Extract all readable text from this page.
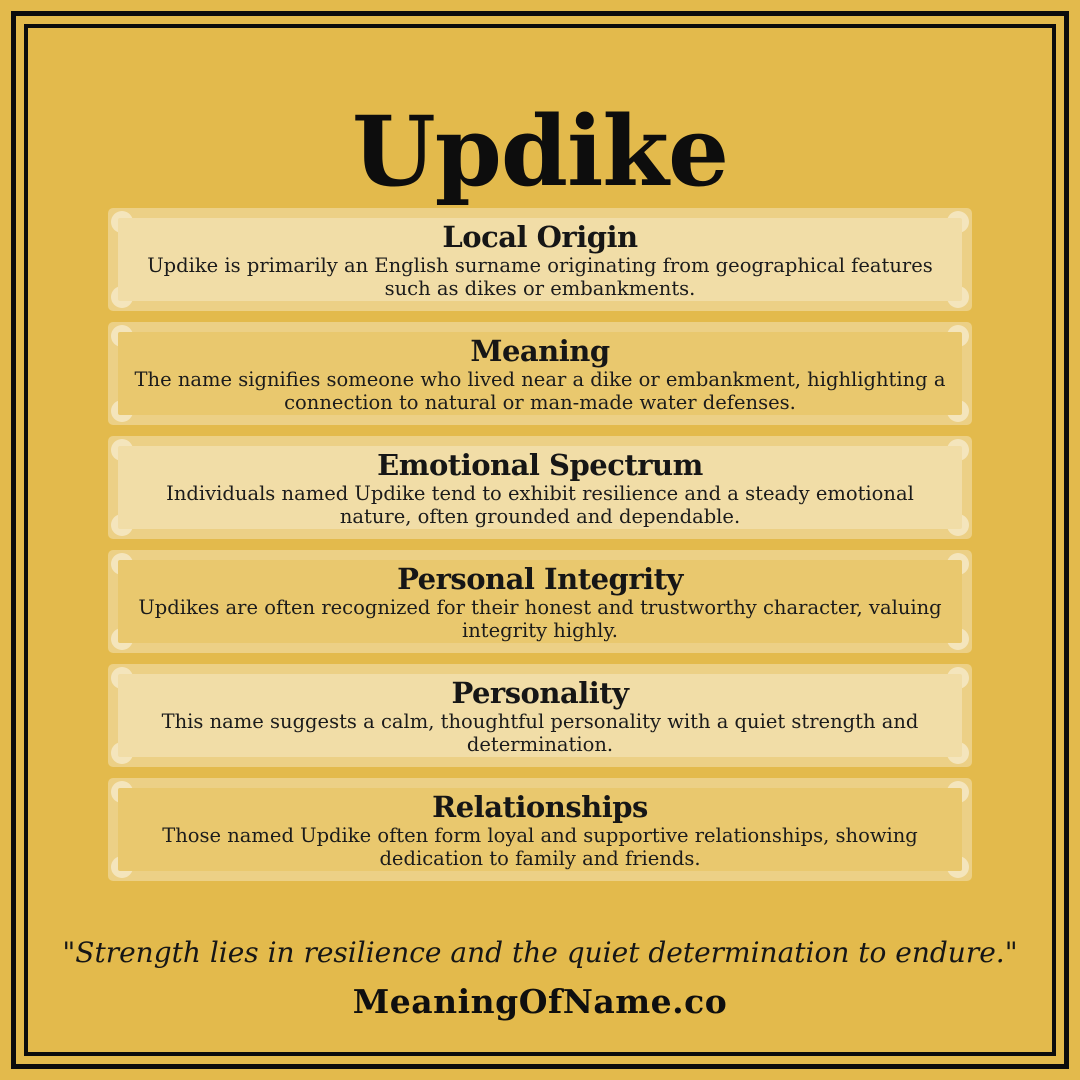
Updike
Local Origin

Updike is primarily an English surname originating from geographical features such as dikes or embankments.

Meaning

The name signifies someone who lived near a dike or embankment, highlighting a connection to natural or man-made water defenses.

Emotional Spectrum

Individuals named Updike tend to exhibit resilience and a steady emotional nature, often grounded and dependable.

Personal Integrity

Updikes are often recognized for their honest and trustworthy character, valuing integrity highly.

Personality

This name suggests a calm, thoughtful personality with a quiet strength and determination.

Relationships

Those named Updike often form loyal and supportive relationships, showing dedication to family and friends.

"Strength lies in resilience and the quiet determination to endure."
MeaningOfName.co
